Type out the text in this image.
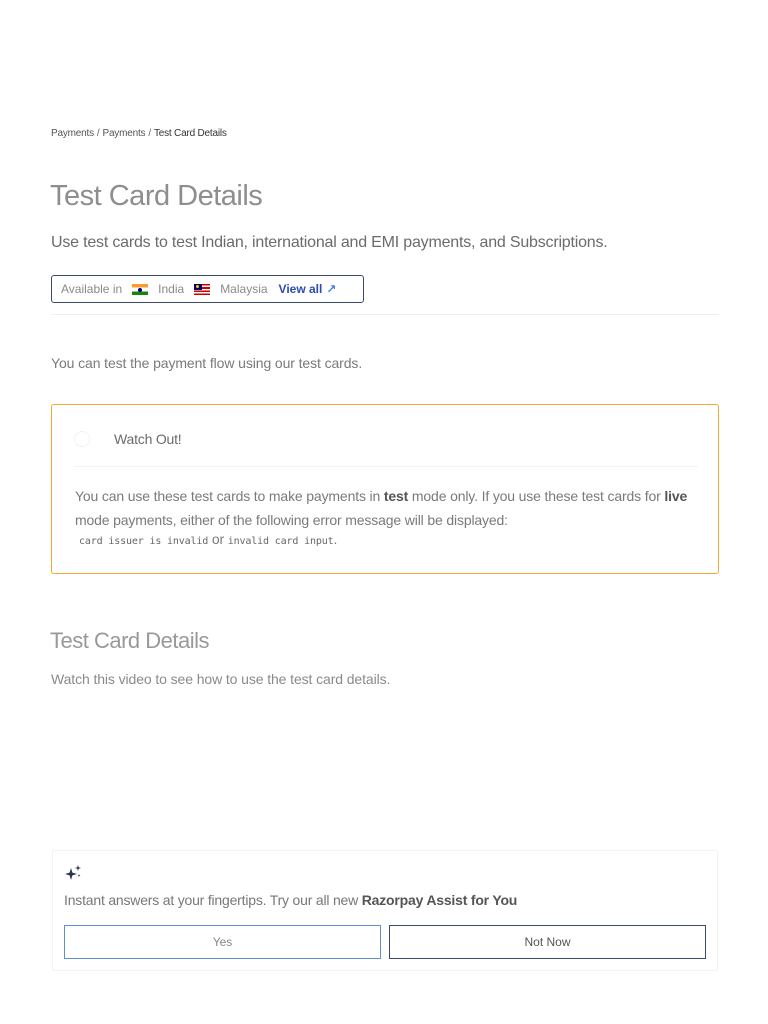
Payments / Payments / Test Card Details
Test Card Details

Use test cards to test Indian, international and EMI payments, and Subscriptions.

Available in	India	Malaysia View all ↗

You can test the payment flow using our test cards.

Watch Out!
You can use these test cards to make payments in test mode only. If you use these test cards for live mode payments, either of the following error message will be displayed:
card issuer is invalid or invalid card input.
Test Card Details

Watch this video to see how to use the test card details.

Instant answers at your fingertips. Try our all new Razorpay Assist for You

Yes	Not Now
